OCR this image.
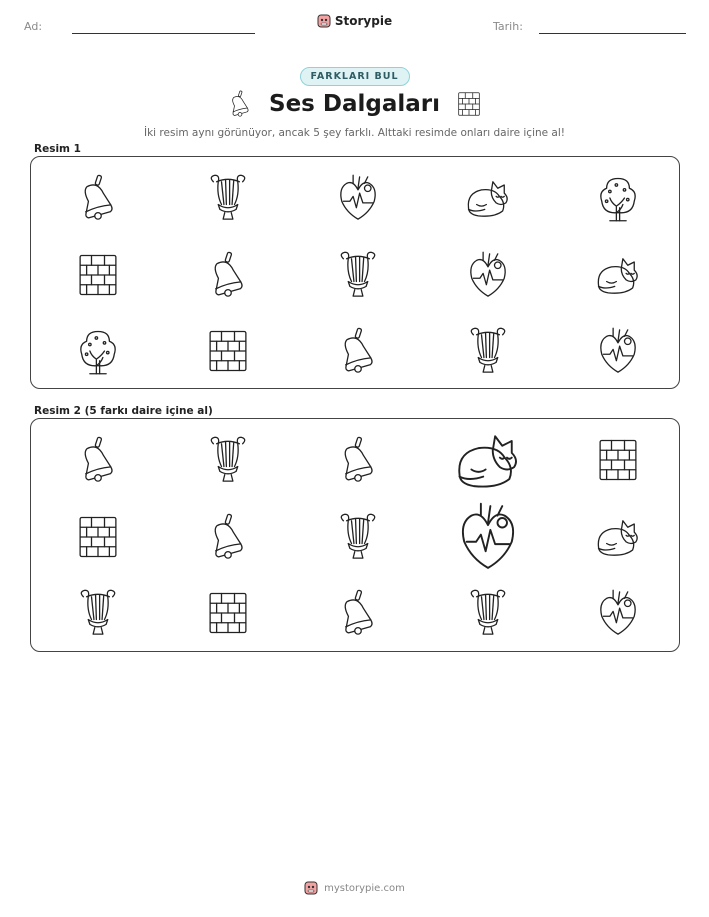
Ad:	Storypie	Tarih:
FARKLARI BUL
Ses Dalgaları
İki resim aynı görünüyor, ancak 5 şey farklı. Alttaki resimde onları daire içine al!
Resim 1
Resim 2 (5 farkı daire içine al)
mystorypie.com
